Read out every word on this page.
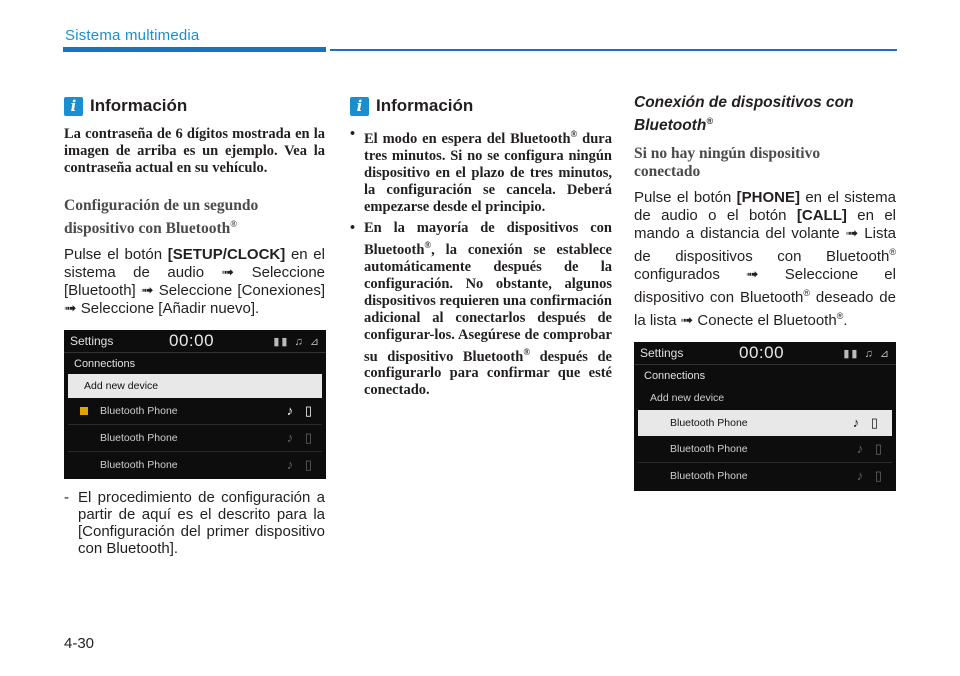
Sistema multimedia
i Información
La contraseña de 6 dígitos mostrada en la imagen de arriba es un ejemplo. Vea la contraseña actual en su vehículo.
Configuración de un segundo dispositivo con Bluetooth®
Pulse el botón [SETUP/CLOCK] en el sistema de audio ➟ Seleccione [Bluetooth] ➟ Seleccione [Conexiones] ➟ Seleccione [Añadir nuevo].
Settings	00:00	▮▮ ♫ ⊿
Connections
Add new device
Bluetooth Phone	♪ ▯
Bluetooth Phone	♪ ▯
Bluetooth Phone	♪ ▯
- El procedimiento de configuración a partir de aquí es el descrito para la [Configuración del primer dispositivo con Bluetooth].
i Información
• El modo en espera del Bluetooth® dura tres minutos. Si no se configura ningún dispositivo en el plazo de tres minutos, la configuración se cancela. Deberá empezarse desde el principio.
• En la mayoría de dispositivos con Bluetooth®, la conexión se establece automáticamente después de la configuración. No obstante, algunos dispositivos requieren una confirmación adicional al conectarlos después de configurar-los. Asegúrese de comprobar su dispositivo Bluetooth® después de configurarlo para confirmar que esté conectado.
Conexión de dispositivos con Bluetooth®
Si no hay ningún dispositivo conectado
Pulse el botón [PHONE] en el sistema de audio o el botón [CALL] en el mando a distancia del volante ➟ Lista de dispositivos con Bluetooth® configurados ➟ Seleccione el dispositivo con Bluetooth® deseado de la lista ➟ Conecte el Bluetooth®.
Settings	00:00	▮▮ ♫ ⊿
Connections
Add new device
Bluetooth Phone	♪ ▯
Bluetooth Phone	♪ ▯
Bluetooth Phone	♪ ▯
4-30
